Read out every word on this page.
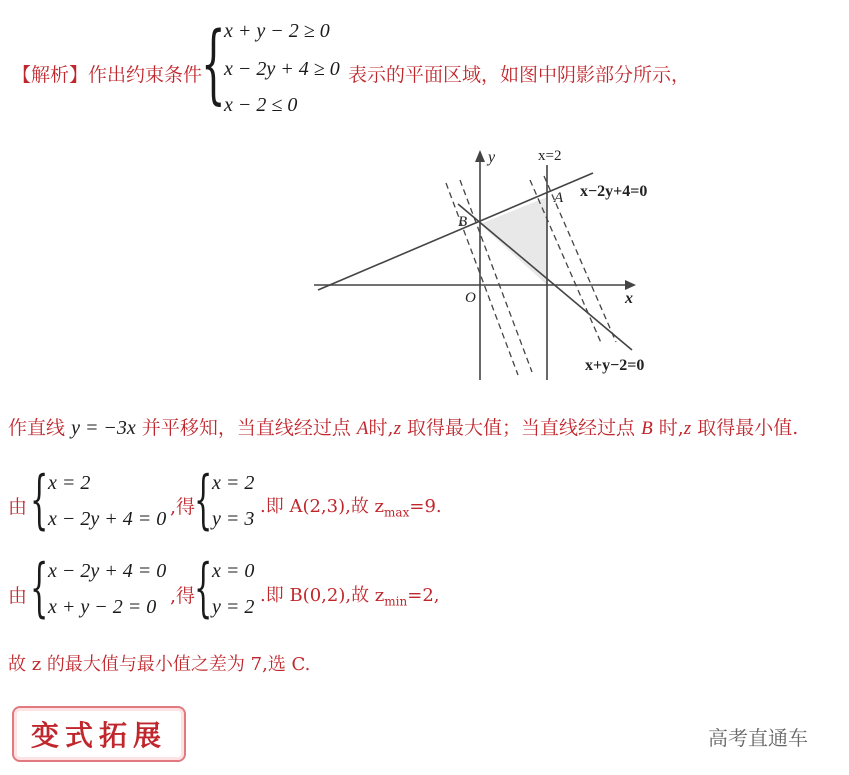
【解析】作出约束条件
{
x + y − 2 ≥ 0
x − 2y + 4 ≥ 0
x − 2 ≤ 0
表示的平面区域，如图中阴影部分所示，
y
x
O
x=2
A
B
x−2y+4=0
x+y−2=0
作直线 y = −3x 并平移知，当直线经过点 A时,z 取得最大值；当直线经过点 B 时,z 取得最小值.
由 { x = 2
x − 2y + 4 = 0
,得
{ x = 2
y = 3
.即 A(2,3),故 $z_{max}=9$.
由 { x − 2y + 4 = 0
x + y − 2 = 0 ,得
{ x = 0
y = 2
.即 B(0,2),故 $z_{min}=2$,
故 z 的最大值与最小值之差为 7,选 C.
变式拓展	高考直通车
